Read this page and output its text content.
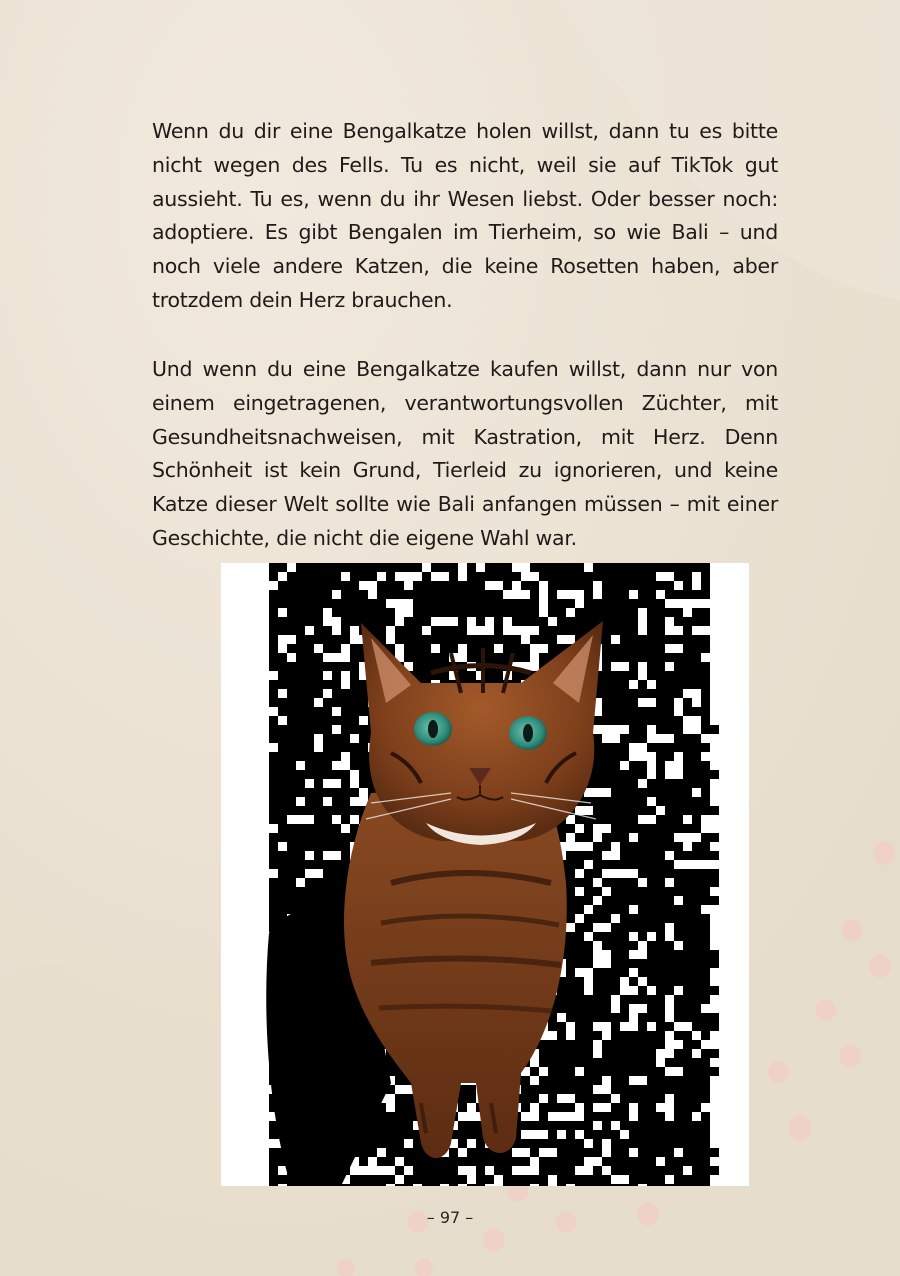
Wenn du dir eine Bengalkatze holen willst, dann tu es bitte nicht wegen des Fells. Tu es nicht, weil sie auf TikTok gut aussieht. Tu es, wenn du ihr Wesen liebst. Oder besser noch: adoptiere. Es gibt Bengalen im Tierheim, so wie Bali – und noch viele andere Katzen, die keine Rosetten haben, aber trotzdem dein Herz brauchen.

Und wenn du eine Bengalkatze kaufen willst, dann nur von einem eingetragenen, verantwortungsvollen Züchter, mit Gesundheitsnachweisen, mit Kastration, mit Herz. Denn Schönheit ist kein Grund, Tierleid zu ignorieren, und keine Katze dieser Welt sollte wie Bali anfangen müssen – mit einer Geschichte, die nicht die eigene Wahl war.

– 97 –
